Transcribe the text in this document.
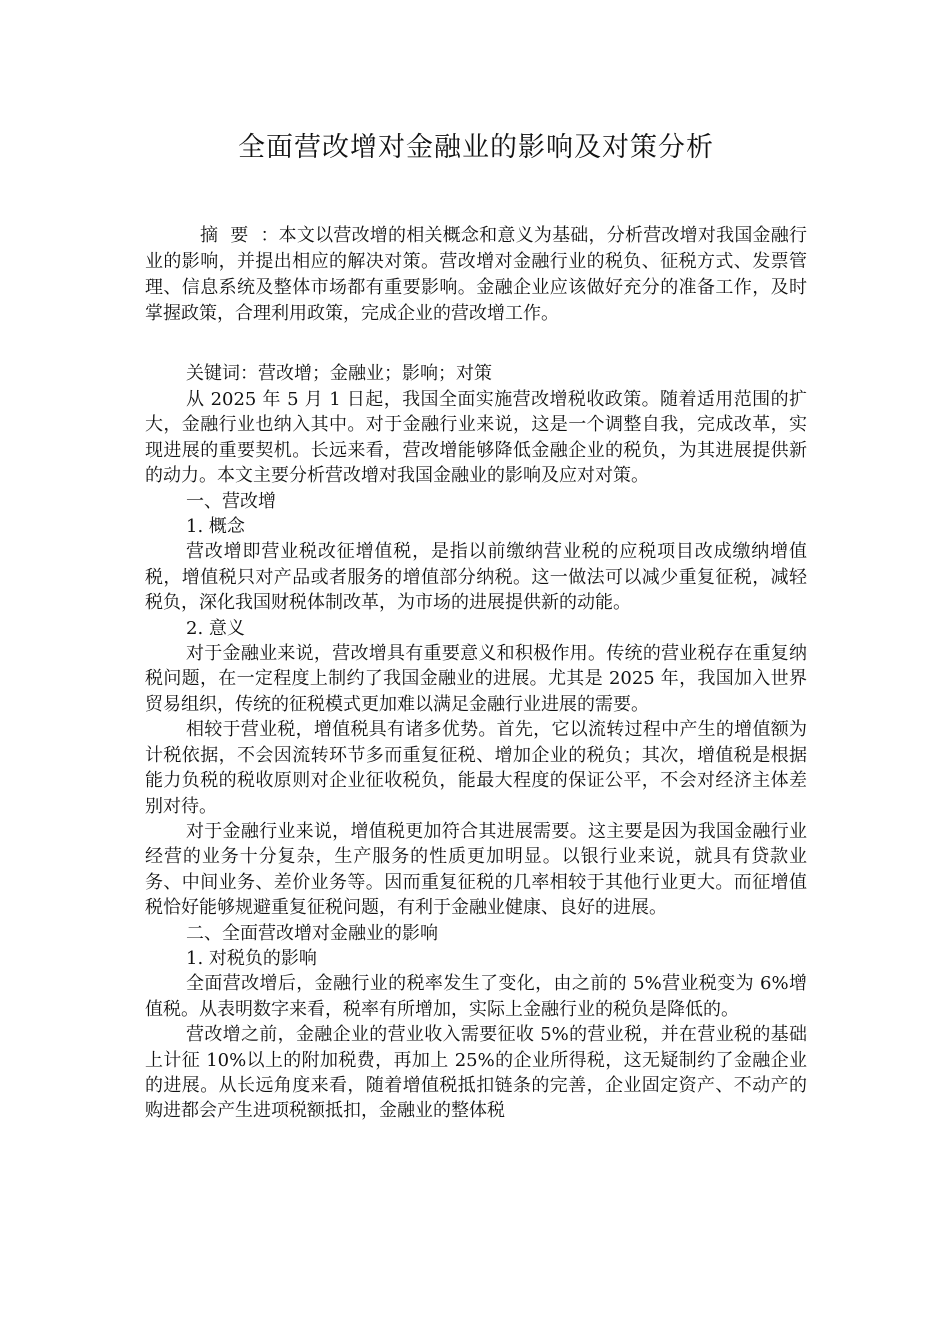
全面营改增对金融业的影响及对策分析

摘要：本文以营改增的相关概念和意义为基础，分析营改增对我国金融行业的影响，并提出相应的解决对策。营改增对金融行业的税负、征税方式、发票管理、信息系统及整体市场都有重要影响。金融企业应该做好充分的准备工作，及时掌握政策，合理利用政策，完成企业的营改增工作。

关键词：营改增；金融业；影响；对策

从 2025 年 5 月 1 日起，我国全面实施营改增税收政策。随着适用范围的扩大，金融行业也纳入其中。对于金融行业来说，这是一个调整自我，完成改革，实现进展的重要契机。长远来看，营改增能够降低金融企业的税负，为其进展提供新的动力。本文主要分析营改增对我国金融业的影响及应对对策。

一、营改增

1. 概念

营改增即营业税改征增值税，是指以前缴纳营业税的应税项目改成缴纳增值税，增值税只对产品或者服务的增值部分纳税。这一做法可以减少重复征税，减轻税负，深化我国财税体制改革，为市场的进展提供新的动能。

2. 意义

对于金融业来说，营改增具有重要意义和积极作用。传统的营业税存在重复纳税问题，在一定程度上制约了我国金融业的进展。尤其是 2025 年，我国加入世界贸易组织，传统的征税模式更加难以满足金融行业进展的需要。

相较于营业税，增值税具有诸多优势。首先，它以流转过程中产生的增值额为计税依据，不会因流转环节多而重复征税、增加企业的税负；其次，增值税是根据能力负税的税收原则对企业征收税负，能最大程度的保证公平，不会对经济主体差别对待。

对于金融行业来说，增值税更加符合其进展需要。这主要是因为我国金融行业经营的业务十分复杂，生产服务的性质更加明显。以银行业来说，就具有贷款业务、中间业务、差价业务等。因而重复征税的几率相较于其他行业更大。而征增值税恰好能够规避重复征税问题，有利于金融业健康、良好的进展。

二、全面营改增对金融业的影响

1. 对税负的影响

全面营改增后，金融行业的税率发生了变化，由之前的 5%营业税变为 6%增值税。从表明数字来看，税率有所增加，实际上金融行业的税负是降低的。

营改增之前，金融企业的营业收入需要征收 5%的营业税，并在营业税的基础上计征 10%以上的附加税费，再加上 25%的企业所得税，这无疑制约了金融企业的进展。从长远角度来看，随着增值税抵扣链条的完善，企业固定资产、不动产的购进都会产生进项税额抵扣，金融业的整体税
